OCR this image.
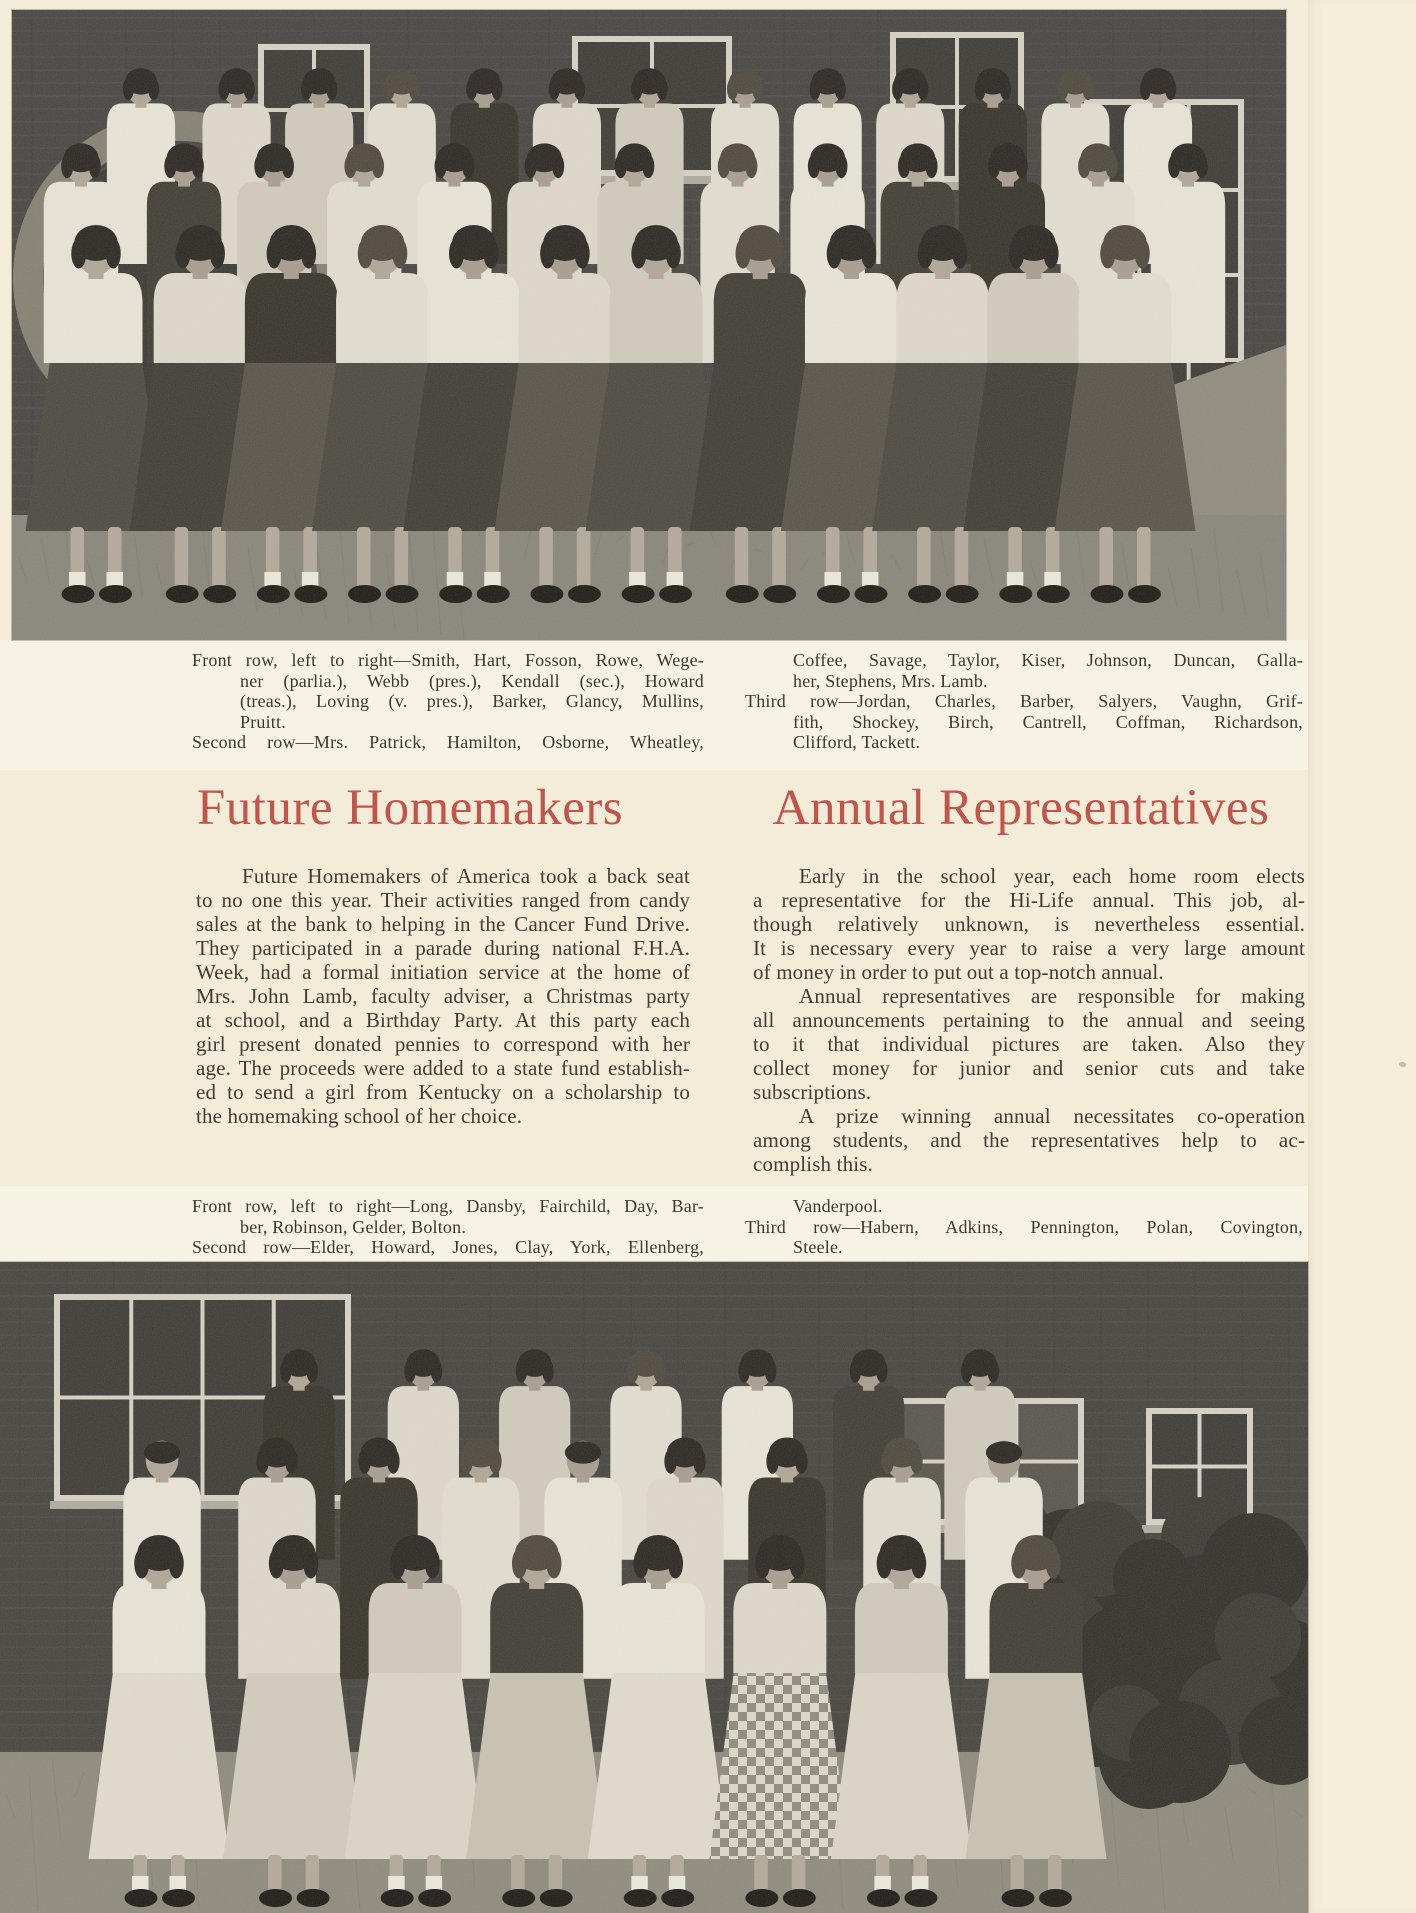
Front row, left to right—Smith, Hart, Fosson, Rowe, Wege-
ner (parlia.), Webb (pres.), Kendall (sec.), Howard
(treas.), Loving (v. pres.), Barker, Glancy, Mullins,
Pruitt.
Second row—Mrs. Patrick, Hamilton, Osborne, Wheatley,
Coffee, Savage, Taylor, Kiser, Johnson, Duncan, Galla-
her, Stephens, Mrs. Lamb.
Third row—Jordan, Charles, Barber, Salyers, Vaughn, Grif-
fith, Shockey, Birch, Cantrell, Coffman, Richardson,
Clifford, Tackett.
Future Homemakers	Annual Representatives
Future Homemakers of America took a back seat
to no one this year. Their activities ranged from candy
sales at the bank to helping in the Cancer Fund Drive.
They participated in a parade during national F.H.A.
Week, had a formal initiation service at the home of
Mrs. John Lamb, faculty adviser, a Christmas party
at school, and a Birthday Party. At this party each
girl present donated pennies to correspond with her
age. The proceeds were added to a state fund establish-
ed to send a girl from Kentucky on a scholarship to
the homemaking school of her choice.
Early in the school year, each home room elects
a representative for the Hi-Life annual. This job, al-
though relatively unknown, is nevertheless essential.
It is necessary every year to raise a very large amount
of money in order to put out a top-notch annual.
Annual representatives are responsible for making
all announcements pertaining to the annual and seeing
to it that individual pictures are taken. Also they
collect money for junior and senior cuts and take
subscriptions.
A prize winning annual necessitates co-operation
among students, and the representatives help to ac-
complish this.
Front row, left to right—Long, Dansby, Fairchild, Day, Bar-
ber, Robinson, Gelder, Bolton.
Second row—Elder, Howard, Jones, Clay, York, Ellenberg,
Vanderpool.
Third row—Habern, Adkins, Pennington, Polan, Covington,
Steele.
